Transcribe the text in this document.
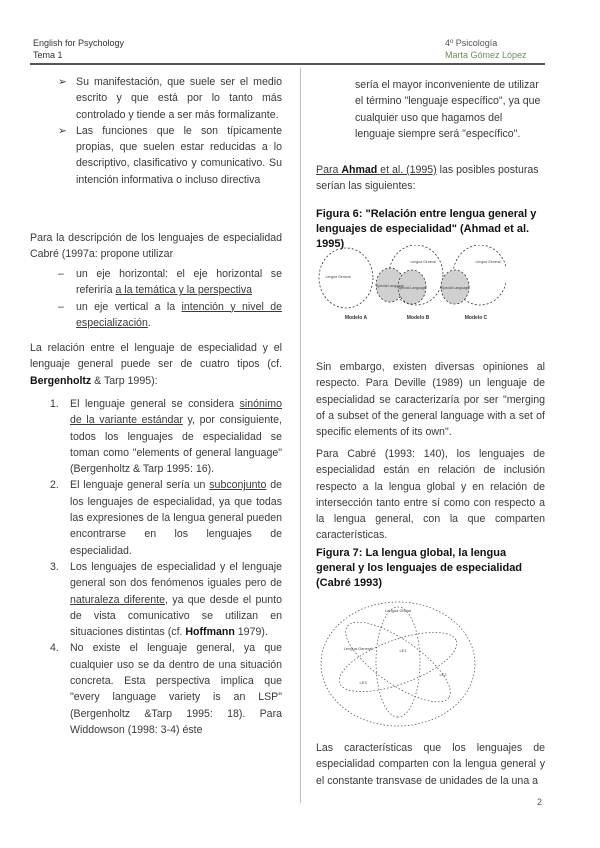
English for Psychology
Tema 1
4º Psicología
Marta Gómez López
➢ Su manifestación, que suele ser el medio escrito y que está por lo tanto más controlado y tiende a ser más formalizante.
➢ Las funciones que le son típicamente propias, que suelen estar reducidas a lo descriptivo, clasificativo y comunicativo. Su intención informativa o incluso directiva

Para la descripción de los lenguajes de especialidad Cabré (1997a: propone utilizar

– un eje horizontal: el eje horizontal se referiría a la temática y la perspectiva
– un eje vertical a la intención y nivel de especialización.

La relación entre el lenguaje de especialidad y el lenguaje general puede ser de cuatro tipos (cf. Bergenholtz & Tarp 1995):

1. El lenguaje general se considera sinónimo de la variante estándar y, por consiguiente, todos los lenguajes de especialidad se toman como "elements of general language" (Bergenholtz & Tarp 1995: 16).
2. El lenguaje general sería un subconjunto de los lenguajes de especialidad, ya que todas las expresiones de la lengua general pueden encontrarse en los lenguajes de especialidad.
3. Los lenguajes de especialidad y el lenguaje general son dos fenómenos iguales pero de naturaleza diferente, ya que desde el punto de vista comunicativo se utilizan en situaciones distintas (cf. Hoffmann 1979).
4. No existe el lenguaje general, ya que cualquier uso se da dentro de una situación concreta. Esta perspectiva implica que "every language variety is an LSP" (Bergenholtz &Tarp 1995: 18). Para Widdowson (1998: 3-4) éste

sería el mayor inconveniente de utilizar el término "lenguaje específico", ya que cualquier uso que hagamos del lenguaje siempre será "específico".

Para Ahmad et al. (1995) las posibles posturas serían las siguientes:

Figura 6: "Relación entre lengua general y lenguajes de especialidad" (Ahmad et al. 1995)
Lengua General
Lengua General	Lengua General
Special Language
Special Language	Special Language
Modelo A	Modelo B	Modelo C

Sin embargo, existen diversas opiniones al respecto. Para Deville (1989) un lenguaje de especialidad se caracterizaría por ser "merging of a subset of the general language with a set of specific elements of its own".

Para Cabré (1993: 140), los lenguajes de especialidad están en relación de inclusión respecto a la lengua global y en relación de intersección tanto entre sí como con respecto a la lengua general, con la que comparten características.

Figura 7: La lengua global, la lengua general y los lenguajes de especialidad (Cabré 1993)
Lengua Global
Lengua General	LE1
LE2
LE3

Las características que los lenguajes de especialidad comparten con la lengua general y el constante transvase de unidades de la una a

2
